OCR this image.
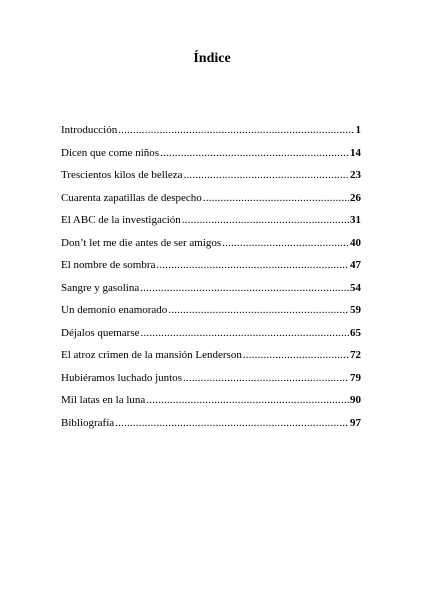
Índice
Introducción .....	1
Dicen que come niños .....	14
Trescientos kilos de belleza .....	23
Cuarenta zapatillas de despecho .....	26
El ABC de la investigación .....	31
Don’t let me die antes de ser amigos .....	40
El nombre de sombra .....	47
Sangre y gasolina .....	54
Un demonio enamorado .....	59
Déjalos quemarse .....	65
El atroz crimen de la mansión Lenderson .....	72
Hubiéramos luchado juntos .....	79
Mil latas en la luna .....	90
Bibliografía .....	97
